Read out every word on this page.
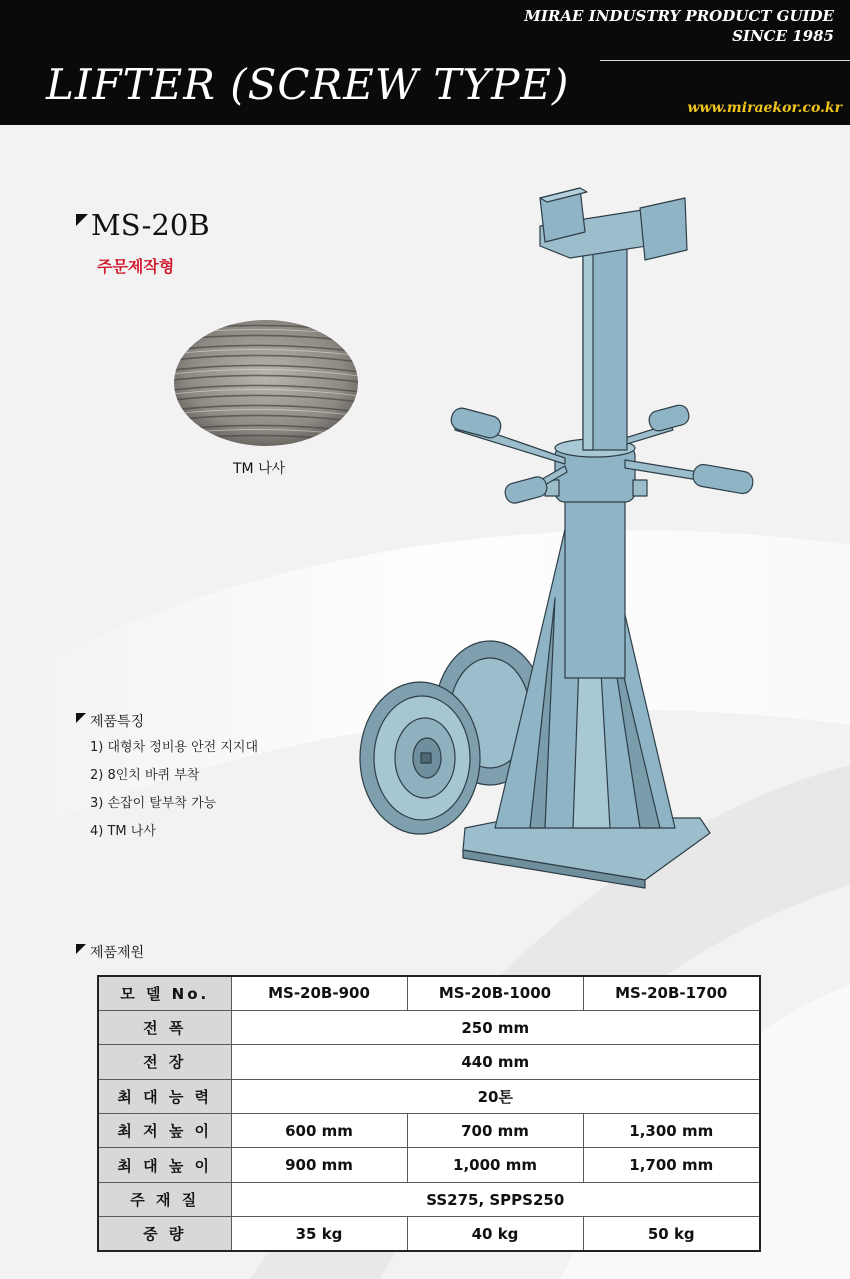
MIRAE INDUSTRY PRODUCT GUIDE
SINCE 1985
LIFTER (SCREW TYPE)	www.miraekor.co.kr
MS-20B
주문제작형
TM 나사
제품특징
1) 대형차 정비용 안전 지지대
2) 8인치 바퀴 부착
3) 손잡이 탈부착 가능
4) TM 나사
제품제원
모 델 No.	MS-20B-900	MS-20B-1000	MS-20B-1700
전 폭	250 mm		
전 장	440 mm		
최 대 능 력	20톤		
최 저 높 이	600 mm	700 mm	1,300 mm
최 대 높 이	900 mm	1,000 mm	1,700 mm
주 재 질	SS275, SPPS250		
중 량	35 kg	40 kg	50 kg
